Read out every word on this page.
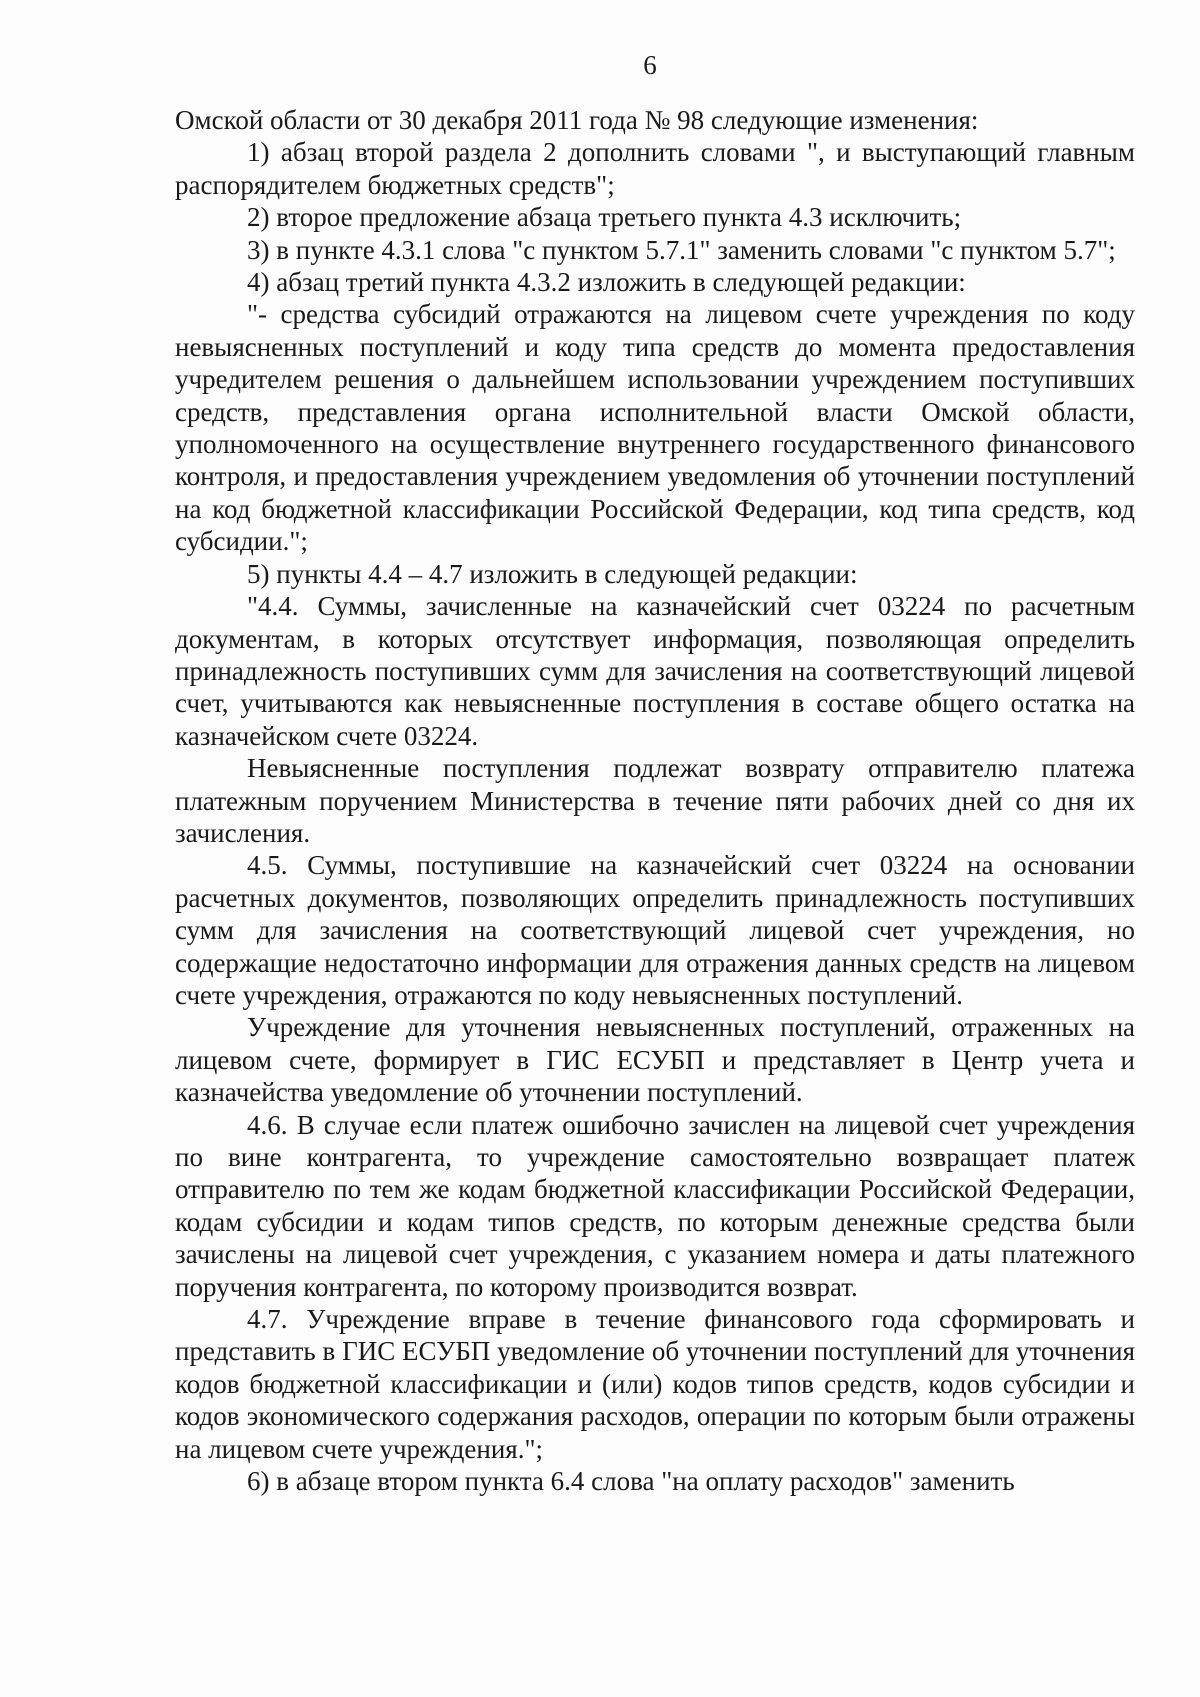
6

Омской области от 30 декабря 2011 года № 98 следующие изменения:

1) абзац второй раздела 2 дополнить словами ", и выступающий главным распорядителем бюджетных средств";

2) второе предложение абзаца третьего пункта 4.3 исключить;

3) в пункте 4.3.1 слова "с пунктом 5.7.1" заменить словами "с пунктом 5.7";

4) абзац третий пункта 4.3.2 изложить в следующей редакции:

"- средства субсидий отражаются на лицевом счете учреждения по коду невыясненных поступлений и коду типа средств до момента предоставления учредителем решения о дальнейшем использовании учреждением поступивших средств, представления органа исполнительной власти Омской области, уполномоченного на осуществление внутреннего государственного финансового контроля, и предоставления учреждением уведомления об уточнении поступлений на код бюджетной классификации Российской Федерации, код типа средств, код субсидии.";

5) пункты 4.4 – 4.7 изложить в следующей редакции:

"4.4. Суммы, зачисленные на казначейский счет 03224 по расчетным документам, в которых отсутствует информация, позволяющая определить принадлежность поступивших сумм для зачисления на соответствующий лицевой счет, учитываются как невыясненные поступления в составе общего остатка на казначейском счете 03224.

Невыясненные поступления подлежат возврату отправителю платежа платежным поручением Министерства в течение пяти рабочих дней со дня их зачисления.

4.5. Суммы, поступившие на казначейский счет 03224 на основании расчетных документов, позволяющих определить принадлежность поступивших сумм для зачисления на соответствующий лицевой счет учреждения, но содержащие недостаточно информации для отражения данных средств на лицевом счете учреждения, отражаются по коду невыясненных поступлений.

Учреждение для уточнения невыясненных поступлений, отраженных на лицевом счете, формирует в ГИС ЕСУБП и представляет в Центр учета и казначейства уведомление об уточнении поступлений.

4.6. В случае если платеж ошибочно зачислен на лицевой счет учреждения по вине контрагента, то учреждение самостоятельно возвращает платеж отправителю по тем же кодам бюджетной классификации Российской Федерации, кодам субсидии и кодам типов средств, по которым денежные средства были зачислены на лицевой счет учреждения, с указанием номера и даты платежного поручения контрагента, по которому производится возврат.

4.7. Учреждение вправе в течение финансового года сформировать и представить в ГИС ЕСУБП уведомление об уточнении поступлений для уточнения кодов бюджетной классификации и (или) кодов типов средств, кодов субсидии и кодов экономического содержания расходов, операции по которым были отражены на лицевом счете учреждения.";

6) в абзаце втором пункта 6.4 слова "на оплату расходов" заменить
